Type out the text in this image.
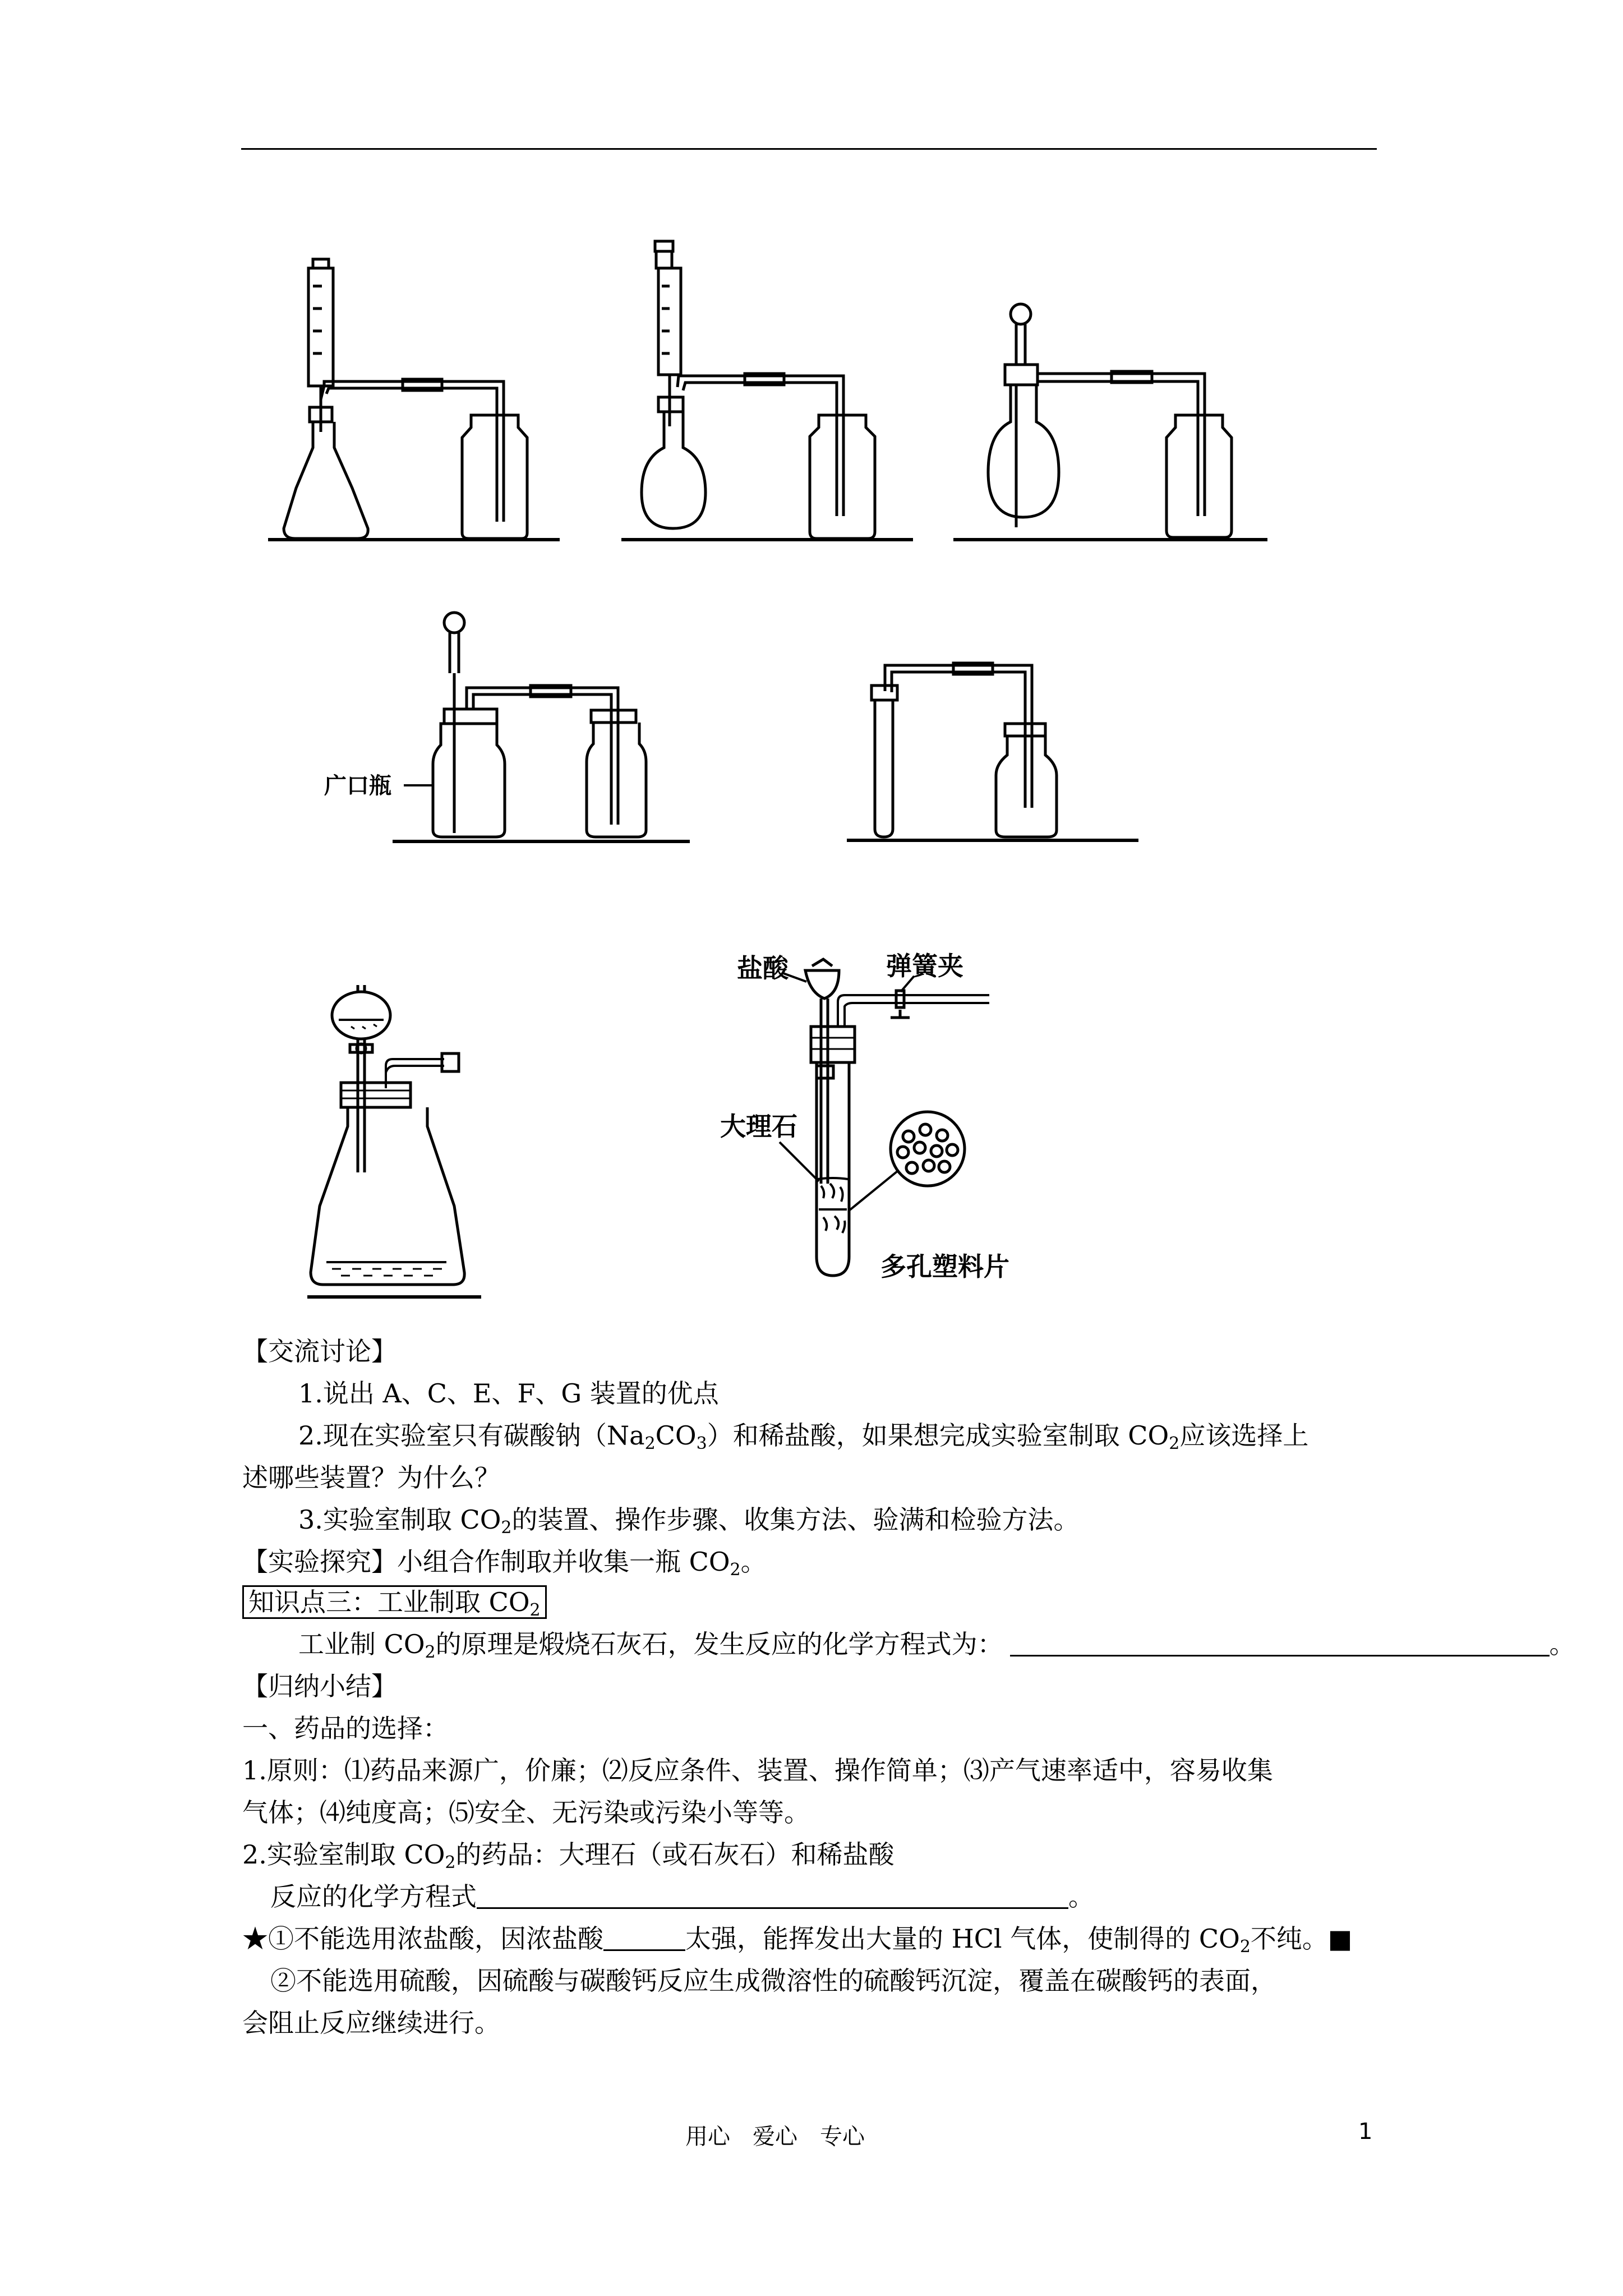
广口瓶
盐酸	弹簧夹
大理石
多孔塑料片
【交流讨论】
1.说出 A、C、E、F、G 装置的优点
2.现在实验室只有碳酸钠$(Na_2CO_3)$和稀盐酸，如果想完成实验室制取 $CO_2$应该选择上
述哪些装置？为什么？
3.实验室制取 $CO_2$的装置、操作步骤、收集方法、验满和检验方法。
【实验探究】小组合作制取并收集一瓶 $CO_2$。
知识点三：工业制取 $CO_2$
工业制 $CO_2$的原理是煅烧石灰石，发生反应的化学方程式为：	。
【归纳小结】
一、药品的选择：
1.原则：⑴药品来源广，价廉；⑵反应条件、装置、操作简单；⑶产气速率适中，容易收集
气体；⑷纯度高；⑸安全、无污染或污染小等等。
2.实验室制取 $CO_2$的药品：大理石（或石灰石）和稀盐酸
反应的化学方程式	。
★①不能选用浓盐酸，因浓盐酸	太强，能挥发出大量的 HCl 气体，使制得的 $CO_2$不纯。■
②不能选用硫酸，因硫酸与碳酸钙反应生成微溶性的硫酸钙沉淀，覆盖在碳酸钙的表面，
会阻止反应继续进行。
用心　爱心　专心	1
